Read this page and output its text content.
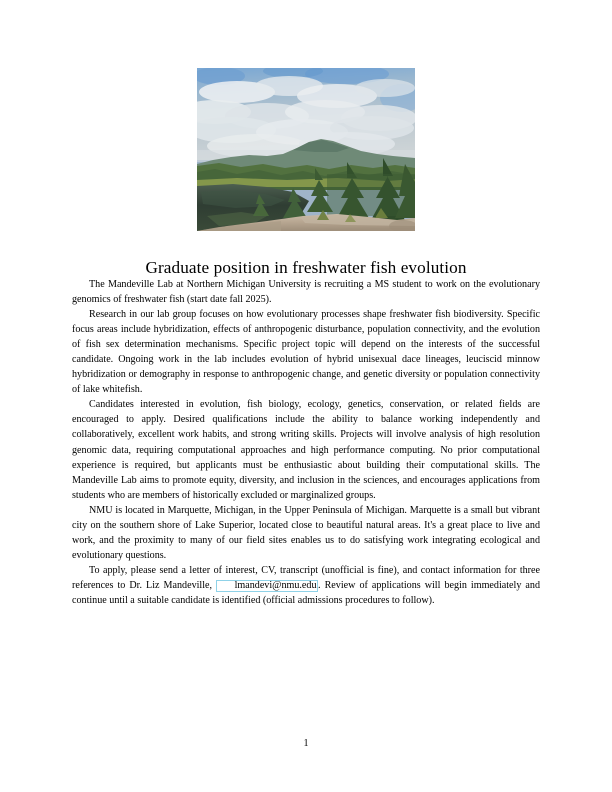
Graduate position in freshwater fish evolution

The Mandeville Lab at Northern Michigan University is recruiting a MS student to work on the evolutionary genomics of freshwater fish (start date fall 2025).

Research in our lab group focuses on how evolutionary processes shape freshwater fish biodiversity. Specific focus areas include hybridization, effects of anthropogenic disturbance, population connectivity, and the evolution of fish sex determination mechanisms. Specific project topic will depend on the interests of the successful candidate. Ongoing work in the lab includes evolution of hybrid unisexual dace lineages, leuciscid minnow hybridization or demography in response to anthropogenic change, and genetic diversity or population connectivity of lake whitefish.

Candidates interested in evolution, fish biology, ecology, genetics, conservation, or related fields are encouraged to apply. Desired qualifications include the ability to balance working independently and collaboratively, excellent work habits, and strong writing skills. Projects will involve analysis of high resolution genomic data, requiring computational approaches and high performance computing. No prior computational experience is required, but applicants must be enthusiastic about building their computational skills. The Mandeville Lab aims to promote equity, diversity, and inclusion in the sciences, and encourages applications from students who are members of historically excluded or marginalized groups.

NMU is located in Marquette, Michigan, in the Upper Peninsula of Michigan. Marquette is a small but vibrant city on the southern shore of Lake Superior, located close to beautiful natural areas. It's a great place to live and work, and the proximity to many of our field sites enables us to do satisfying work integrating ecological and evolutionary questions.

To apply, please send a letter of interest, CV, transcript (unofficial is fine), and contact information for three references to Dr. Liz Mandeville, lmandevi@nmu.edu . Review of applications will begin immediately and continue until a suitable candidate is identified (official admissions procedures to follow).

1
